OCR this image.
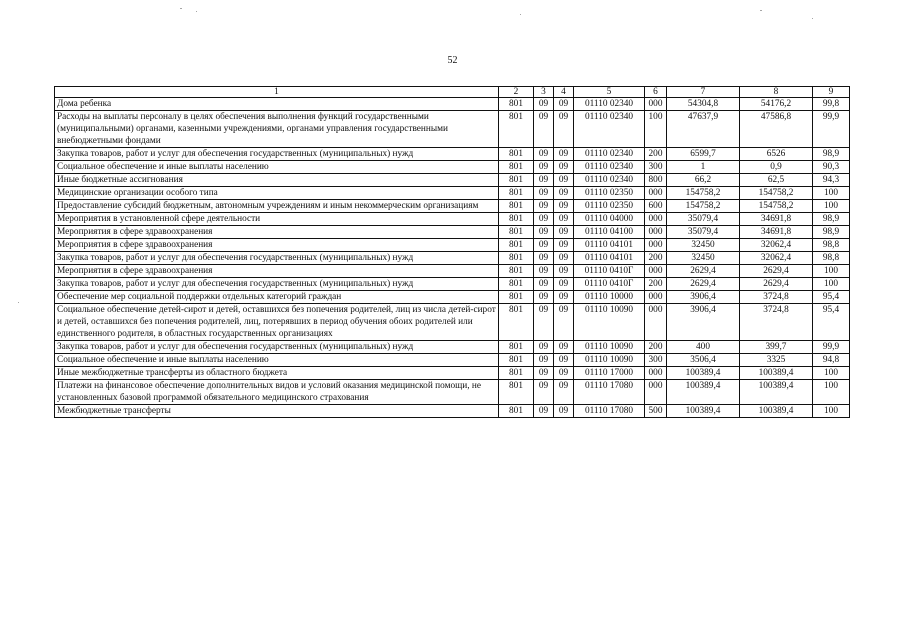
52
1	2	3	4	5	6	7	8	9
Дома ребенка	801	09	09	01110 02340	000	54304,8	54176,2	99,8
Расходы на выплаты персоналу в целях обеспечения выполнения функций государственными (муниципальными) органами, казенными учреждениями, органами управления государственными внебюджетными фондами	801	09	09	01110 02340	100	47637,9	47586,8	99,9
Закупка товаров, работ и услуг для обеспечения государственных (муниципальных) нужд	801	09	09	01110 02340	200	6599,7	6526	98,9
Социальное обеспечение и иные выплаты населению	801	09	09	01110 02340	300	1	0,9	90,3
Иные бюджетные ассигнования	801	09	09	01110 02340	800	66,2	62,5	94,3
Медицинские организации особого типа	801	09	09	01110 02350	000	154758,2	154758,2	100
Предоставление субсидий бюджетным, автономным учреждениям и иным некоммерческим организациям	801	09	09	01110 02350	600	154758,2	154758,2	100
Мероприятия в установленной сфере деятельности	801	09	09	01110 04000	000	35079,4	34691,8	98,9
Мероприятия в сфере здравоохранения	801	09	09	01110 04100	000	35079,4	34691,8	98,9
Мероприятия в сфере здравоохранения	801	09	09	01110 04101	000	32450	32062,4	98,8
Закупка товаров, работ и услуг для обеспечения государственных (муниципальных) нужд	801	09	09	01110 04101	200	32450	32062,4	98,8
Мероприятия в сфере здравоохранения	801	09	09	01110 0410Г	000	2629,4	2629,4	100
Закупка товаров, работ и услуг для обеспечения государственных (муниципальных) нужд	801	09	09	01110 0410Г	200	2629,4	2629,4	100
Обеспечение мер социальной поддержки отдельных категорий граждан	801	09	09	01110 10000	000	3906,4	3724,8	95,4
Социальное обеспечение детей-сирот и детей, оставшихся без попечения родителей, лиц из числа детей-сирот и детей, оставшихся без попечения родителей, лиц, потерявших в период обучения обоих родителей или единственного родителя, в областных государственных организациях	801	09	09	01110 10090	000	3906,4	3724,8	95,4
Закупка товаров, работ и услуг для обеспечения государственных (муниципальных) нужд	801	09	09	01110 10090	200	400	399,7	99,9
Социальное обеспечение и иные выплаты населению	801	09	09	01110 10090	300	3506,4	3325	94,8
Иные межбюджетные трансферты из областного бюджета	801	09	09	01110 17000	000	100389,4	100389,4	100
Платежи на финансовое обеспечение дополнительных видов и условий оказания медицинской помощи, не установленных базовой программой обязательного медицинского страхования	801	09	09	01110 17080	000	100389,4	100389,4	100
Межбюджетные трансферты	801	09	09	01110 17080	500	100389,4	100389,4	100
